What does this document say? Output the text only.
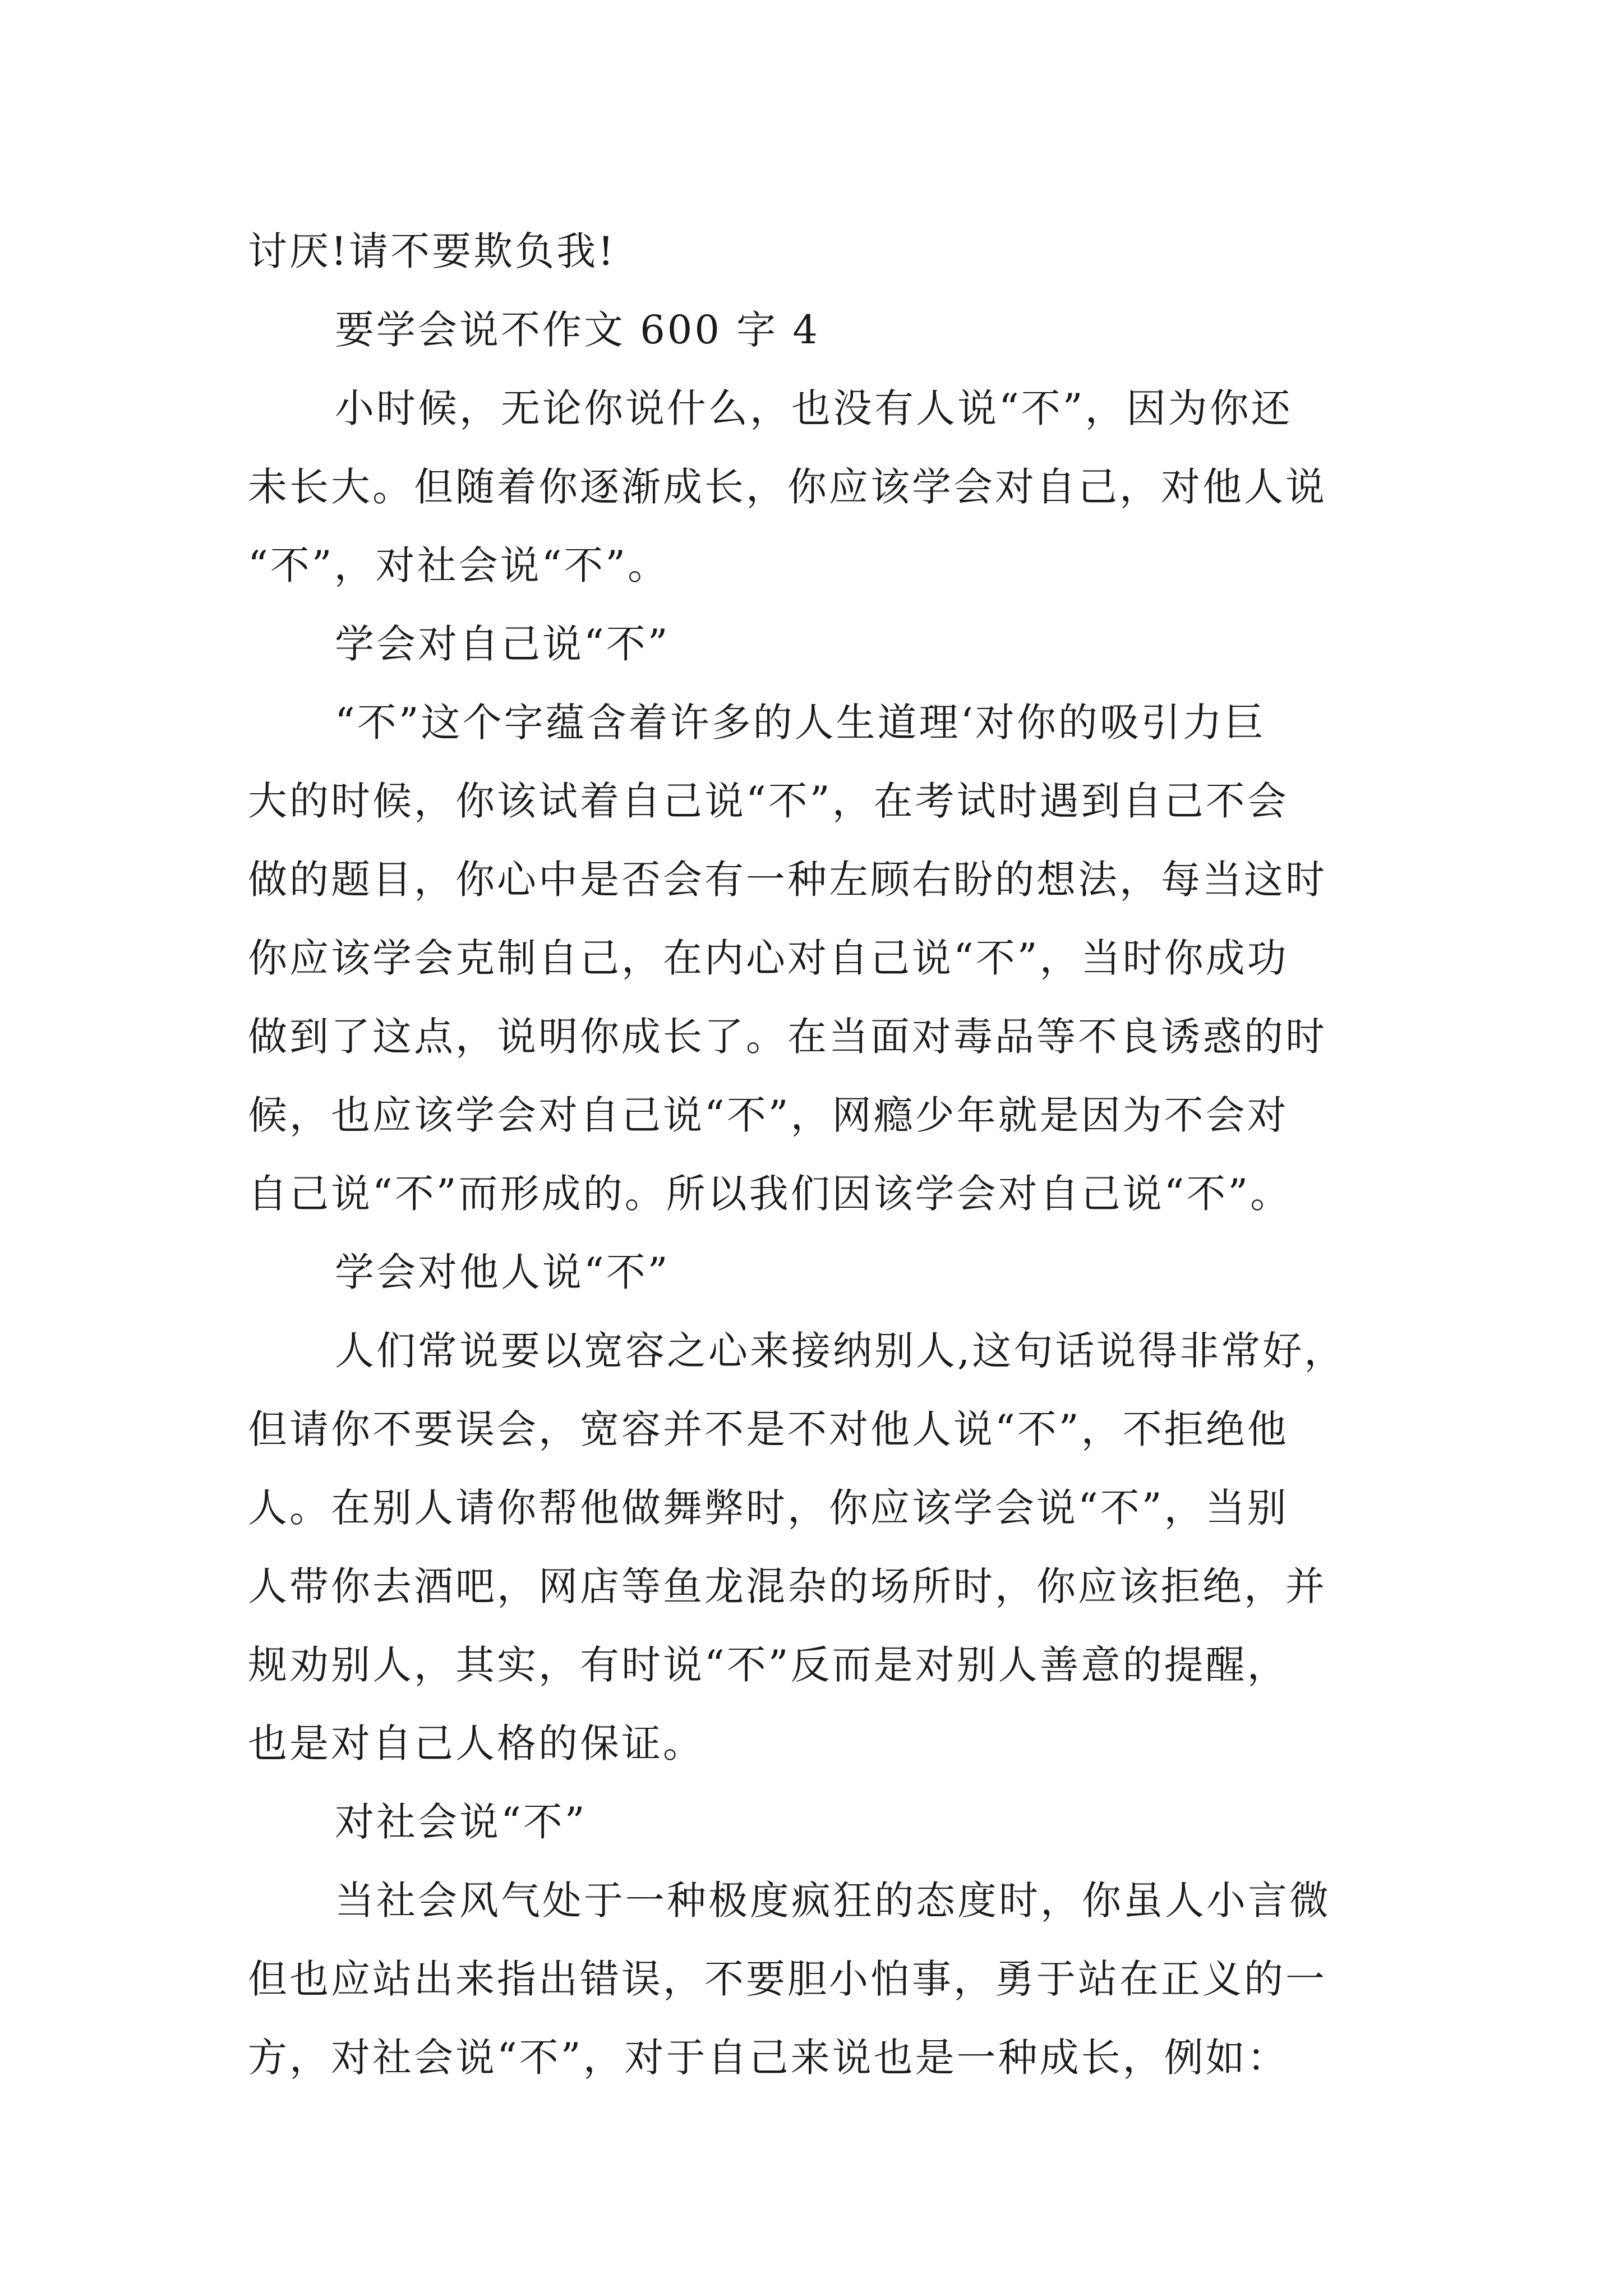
讨厌!请不要欺负我!
要学会说不作文 600 字 4
小时候，无论你说什么，也没有人说“不”，因为你还
未长大。但随着你逐渐成长，你应该学会对自己，对他人说
“不”，对社会说“不”。
学会对自己说“不”
“不”这个字蕴含着许多的人生道理‘对你的吸引力巨
大的时候，你该试着自己说“不”，在考试时遇到自己不会
做的题目，你心中是否会有一种左顾右盼的想法，每当这时
你应该学会克制自己，在内心对自己说“不”，当时你成功
做到了这点，说明你成长了。在当面对毒品等不良诱惑的时
候，也应该学会对自己说“不”，网瘾少年就是因为不会对
自己说“不”而形成的。所以我们因该学会对自己说“不”。
学会对他人说“不”
人们常说要以宽容之心来接纳别人,这句话说得非常好，
但请你不要误会，宽容并不是不对他人说“不”，不拒绝他
人。在别人请你帮他做舞弊时，你应该学会说“不”，当别
人带你去酒吧，网店等鱼龙混杂的场所时，你应该拒绝，并
规劝别人，其实，有时说“不”反而是对别人善意的提醒，
也是对自己人格的保证。
对社会说“不”
当社会风气处于一种极度疯狂的态度时，你虽人小言微
但也应站出来指出错误，不要胆小怕事，勇于站在正义的一
方，对社会说“不”，对于自己来说也是一种成长，例如：
